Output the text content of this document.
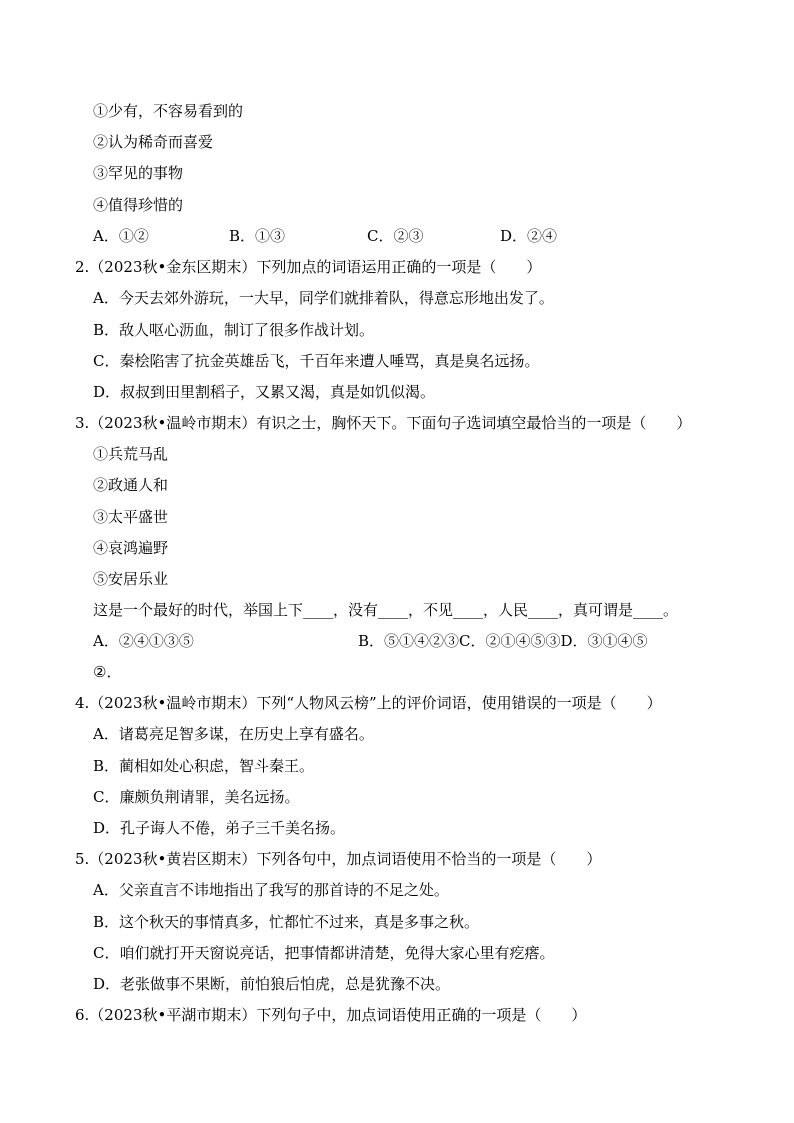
①少有，不容易看到的
②认为稀奇而喜爱
③罕见的事物
④值得珍惜的
A．①②	B．①③	C．②③	D．②④
2.（2023秋•金东区期末）下列加点的词语运用正确的一项是（　　）
A．今天去郊外游玩，一大早，同学们就排着队，得意忘形地出发了。
B．敌人呕心沥血，制订了很多作战计划。
C．秦桧陷害了抗金英雄岳飞，千百年来遭人唾骂，真是臭名远扬。
D．叔叔到田里割稻子，又累又渴，真是如饥似渴。
3.（2023秋•温岭市期末）有识之士，胸怀天下。下面句子选词填空最恰当的一项是（　　）
①兵荒马乱
②政通人和
③太平盛世
④哀鸿遍野
⑤安居乐业
这是一个最好的时代，举国上下____，没有____，不见____，人民____，真可谓是____。
A．②④①③⑤	B．⑤①④②③C．②①④⑤③D．③①④⑤
②．
4.（2023秋•温岭市期末）下列“人物风云榜”上的评价词语，使用错误的一项是（　　）
A．诸葛亮足智多谋，在历史上享有盛名。
B．蔺相如处心积虑，智斗秦王。
C．廉颇负荆请罪，美名远扬。
D．孔子诲人不倦，弟子三千美名扬。
5.（2023秋•黄岩区期末）下列各句中，加点词语使用不恰当的一项是（　　）
A．父亲直言不讳地指出了我写的那首诗的不足之处。
B．这个秋天的事情真多，忙都忙不过来，真是多事之秋。
C．咱们就打开天窗说亮话，把事情都讲清楚，免得大家心里有疙瘩。
D．老张做事不果断，前怕狼后怕虎，总是犹豫不决。
6.（2023秋•平湖市期末）下列句子中，加点词语使用正确的一项是（　　）
